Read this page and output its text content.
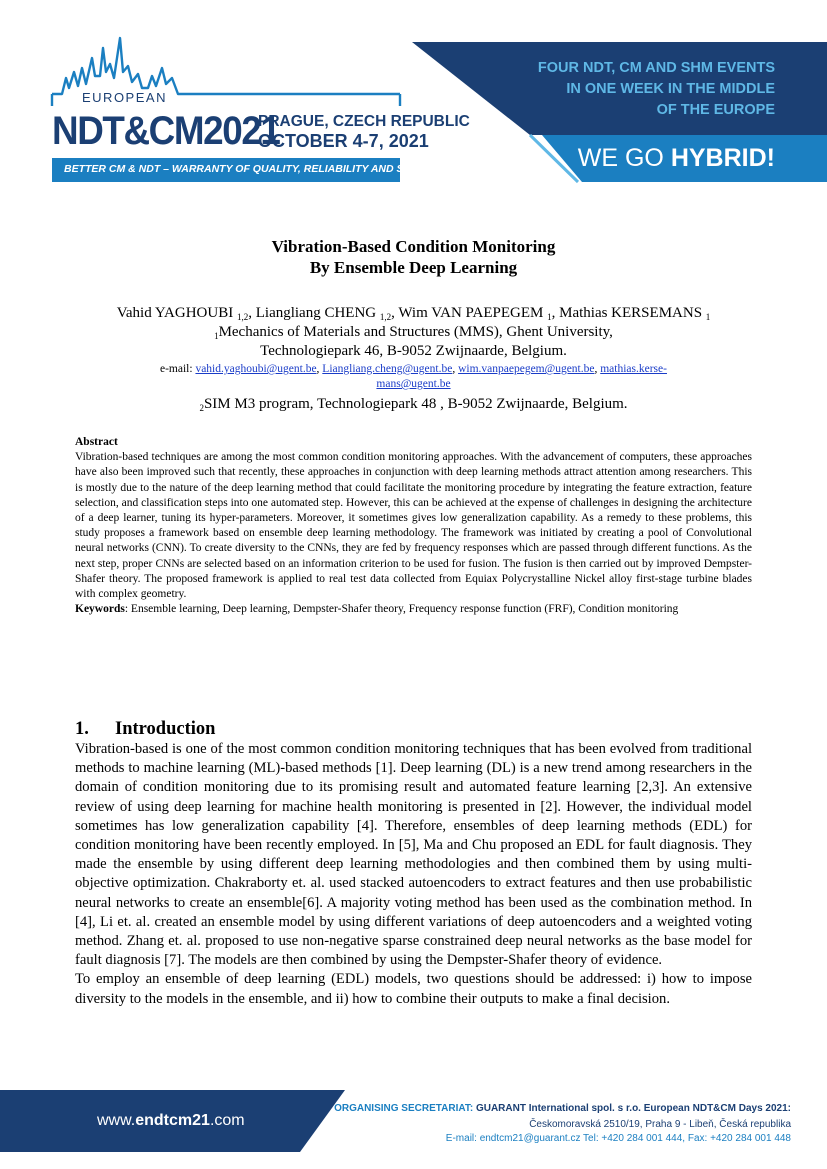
EUROPEAN
NDT&CM2021
PRAGUE, CZECH REPUBLIC
OCTOBER 4-7, 2021
BETTER CM & NDT – WARRANTY OF QUALITY, RELIABILITY AND SAFETY
FOUR NDT, CM AND SHM EVENTS
IN ONE WEEK IN THE MIDDLE
OF THE EUROPE
WE GO HYBRID!
Vibration-Based Condition Monitoring
By Ensemble Deep Learning
Vahid YAGHOUBI $_{1,2}$, Liangliang CHENG $_{1,2}$, Wim VAN PAEPEGEM $_1$, Mathias KERSEMANS $_1$
$_1$Mechanics of Materials and Structures (MMS), Ghent University,
Technologiepark 46, B-9052 Zwijnaarde, Belgium.
e-mail: vahid.yaghoubi@ugent.be, Liangliang.cheng@ugent.be, wim.vanpaepegem@ugent.be, mathias.kerse-
mans@ugent.be
$_2$SIM M3 program, Technologiepark 48 , B-9052 Zwijnaarde, Belgium.
Abstract
Vibration-based techniques are among the most common condition monitoring approaches. With the advancement of computers, these approaches have also been improved such that recently, these approaches in conjunction with deep learning methods attract attention among researchers. This is mostly due to the nature of the deep learning method that could facilitate the monitoring procedure by integrating the feature extraction, feature selection, and classification steps into one automated step. However, this can be achieved at the expense of challenges in designing the architecture of a deep learner, tuning its hyper-parameters. Moreover, it sometimes gives low generalization capability. As a remedy to these problems, this study proposes a framework based on ensemble deep learning methodology. The framework was initiated by creating a pool of Convolutional neural networks (CNN). To create diversity to the CNNs, they are fed by frequency responses which are passed through different functions. As the next step, proper CNNs are selected based on an information criterion to be used for fusion. The fusion is then carried out by improved Dempster-Shafer theory. The proposed framework is applied to real test data collected from Equiax Polycrystalline Nickel alloy first-stage turbine blades with complex geometry.
Keywords: Ensemble learning, Deep learning, Dempster-Shafer theory, Frequency response function (FRF), Condition monitoring
1. Introduction

Vibration-based is one of the most common condition monitoring techniques that has been evolved from traditional methods to machine learning (ML)-based methods [1]. Deep learning (DL) is a new trend among researchers in the domain of condition monitoring due to its promising result and automated feature learning [2,3]. An extensive review of using deep learning for machine health monitoring is presented in [2]. However, the individual model sometimes has low generalization capability [4]. Therefore, ensembles of deep learning methods (EDL) for condition monitoring have been recently employed. In [5], Ma and Chu proposed an EDL for fault diagnosis. They made the ensemble by using different deep learning methodologies and then combined them by using multi-objective optimization. Chakraborty et. al. used stacked autoencoders to extract features and then use probabilistic neural networks to create an ensemble[6]. A majority voting method has been used as the combination method. In [4], Li et. al. created an ensemble model by using different variations of deep autoencoders and a weighted voting method. Zhang et. al. proposed to use non-negative sparse constrained deep neural networks as the base model for fault diagnosis [7]. The models are then combined by using the Dempster-Shafer theory of evidence.

To employ an ensemble of deep learning (EDL) models, two questions should be addressed: i) how to impose diversity to the models in the ensemble, and ii) how to combine their outputs to make a final decision.

www.endtcm21.com
ORGANISING SECRETARIAT: GUARANT International spol. s r.o. European NDT&CM Days 2021:
Českomoravská 2510/19, Praha 9 - Libeň, Česká republika
E-mail: endtcm21@guarant.cz Tel: +420 284 001 444, Fax: +420 284 001 448
